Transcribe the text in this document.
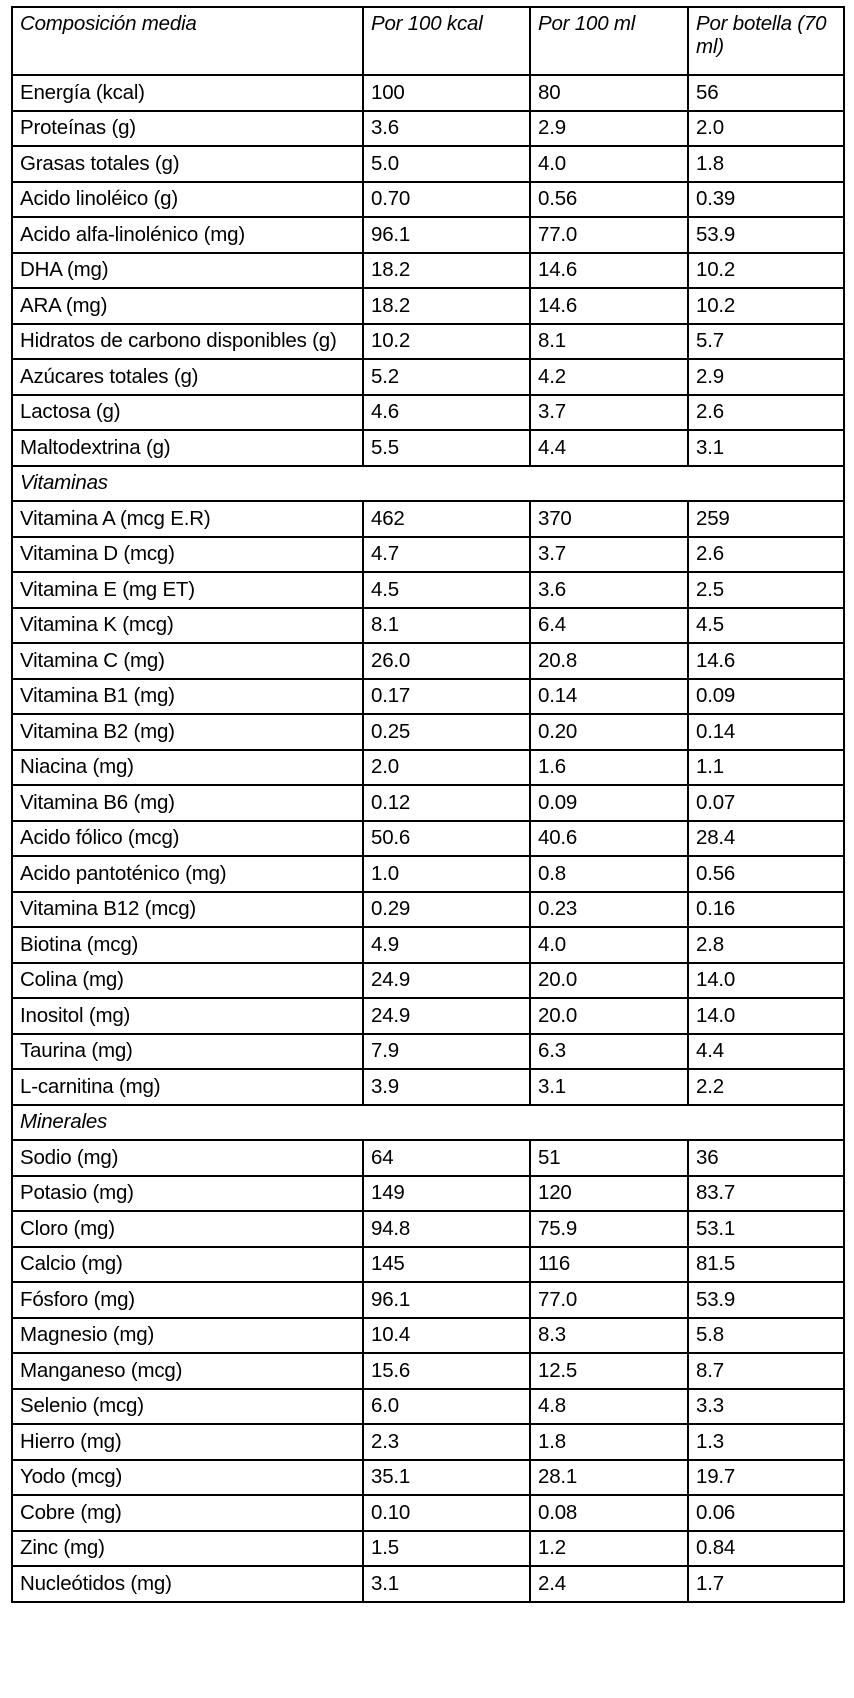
Composición media	Por 100 kcal	Por 100 ml	Por botella (70 ml)
Energía (kcal)	100	80	56
Proteínas (g)	3.6	2.9	2.0
Grasas totales (g)	5.0	4.0	1.8
Acido linoléico (g)	0.70	0.56	0.39
Acido alfa-linolénico (mg)	96.1	77.0	53.9
DHA (mg)	18.2	14.6	10.2
ARA (mg)	18.2	14.6	10.2
Hidratos de carbono disponibles (g)	10.2	8.1	5.7
Azúcares totales (g)	5.2	4.2	2.9
Lactosa (g)	4.6	3.7	2.6
Maltodextrina (g)	5.5	4.4	3.1
Vitaminas			
Vitamina A (mcg E.R)	462	370	259
Vitamina D (mcg)	4.7	3.7	2.6
Vitamina E (mg ET)	4.5	3.6	2.5
Vitamina K (mcg)	8.1	6.4	4.5
Vitamina C (mg)	26.0	20.8	14.6
Vitamina B1 (mg)	0.17	0.14	0.09
Vitamina B2 (mg)	0.25	0.20	0.14
Niacina (mg)	2.0	1.6	1.1
Vitamina B6 (mg)	0.12	0.09	0.07
Acido fólico (mcg)	50.6	40.6	28.4
Acido pantoténico (mg)	1.0	0.8	0.56
Vitamina B12 (mcg)	0.29	0.23	0.16
Biotina (mcg)	4.9	4.0	2.8
Colina (mg)	24.9	20.0	14.0
Inositol (mg)	24.9	20.0	14.0
Taurina (mg)	7.9	6.3	4.4
L-carnitina (mg)	3.9	3.1	2.2
Minerales			
Sodio (mg)	64	51	36
Potasio (mg)	149	120	83.7
Cloro (mg)	94.8	75.9	53.1
Calcio (mg)	145	116	81.5
Fósforo (mg)	96.1	77.0	53.9
Magnesio (mg)	10.4	8.3	5.8
Manganeso (mcg)	15.6	12.5	8.7
Selenio (mcg)	6.0	4.8	3.3
Hierro (mg)	2.3	1.8	1.3
Yodo (mcg)	35.1	28.1	19.7
Cobre (mg)	0.10	0.08	0.06
Zinc (mg)	1.5	1.2	0.84
Nucleótidos (mg)	3.1	2.4	1.7
